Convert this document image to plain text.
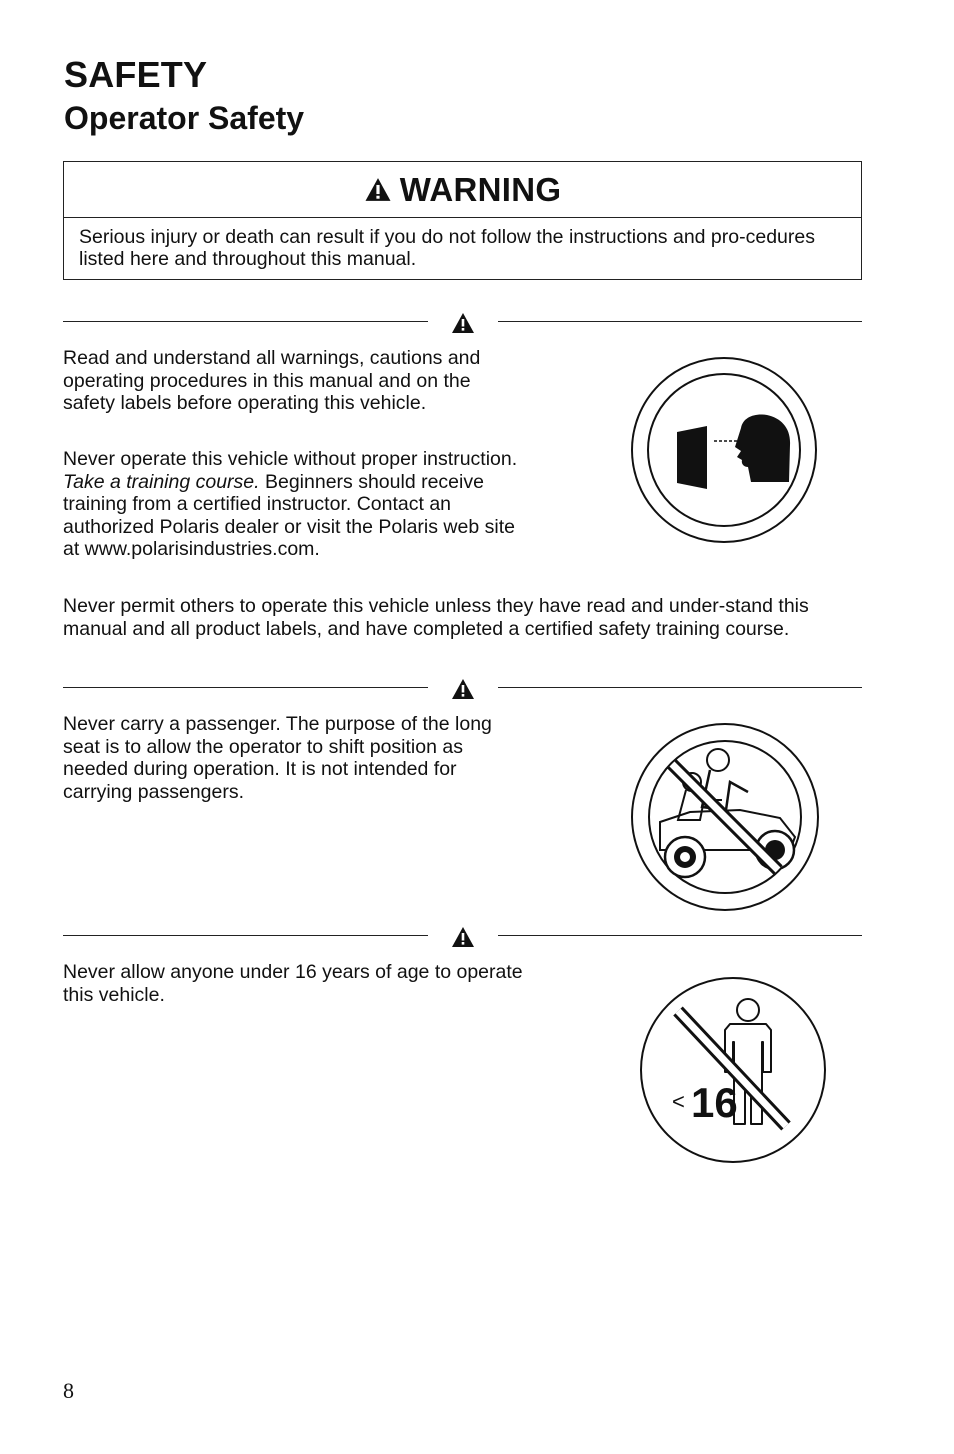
SAFETY
Operator Safety
WARNING
Serious injury or death can result if you do not follow the instructions and pro-cedures listed here and throughout this manual.

Read and understand all warnings, cautions and operating procedures in this manual and on the safety labels before operating this vehicle.

Never operate this vehicle without proper instruction. Take a training course. Beginners should receive training from a certified instructor. Contact an authorized Polaris dealer or visit the Polaris web site at www.polarisindustries.com.

Never permit others to operate this vehicle unless they have read and under-stand this manual and all product labels, and have completed a certified safety training course.

Never carry a passenger. The purpose of the long seat is to allow the operator to shift position as needed during operation. It is not intended for carrying passengers.

Never allow anyone under 16 years of age to operate this vehicle.

< 16
8
